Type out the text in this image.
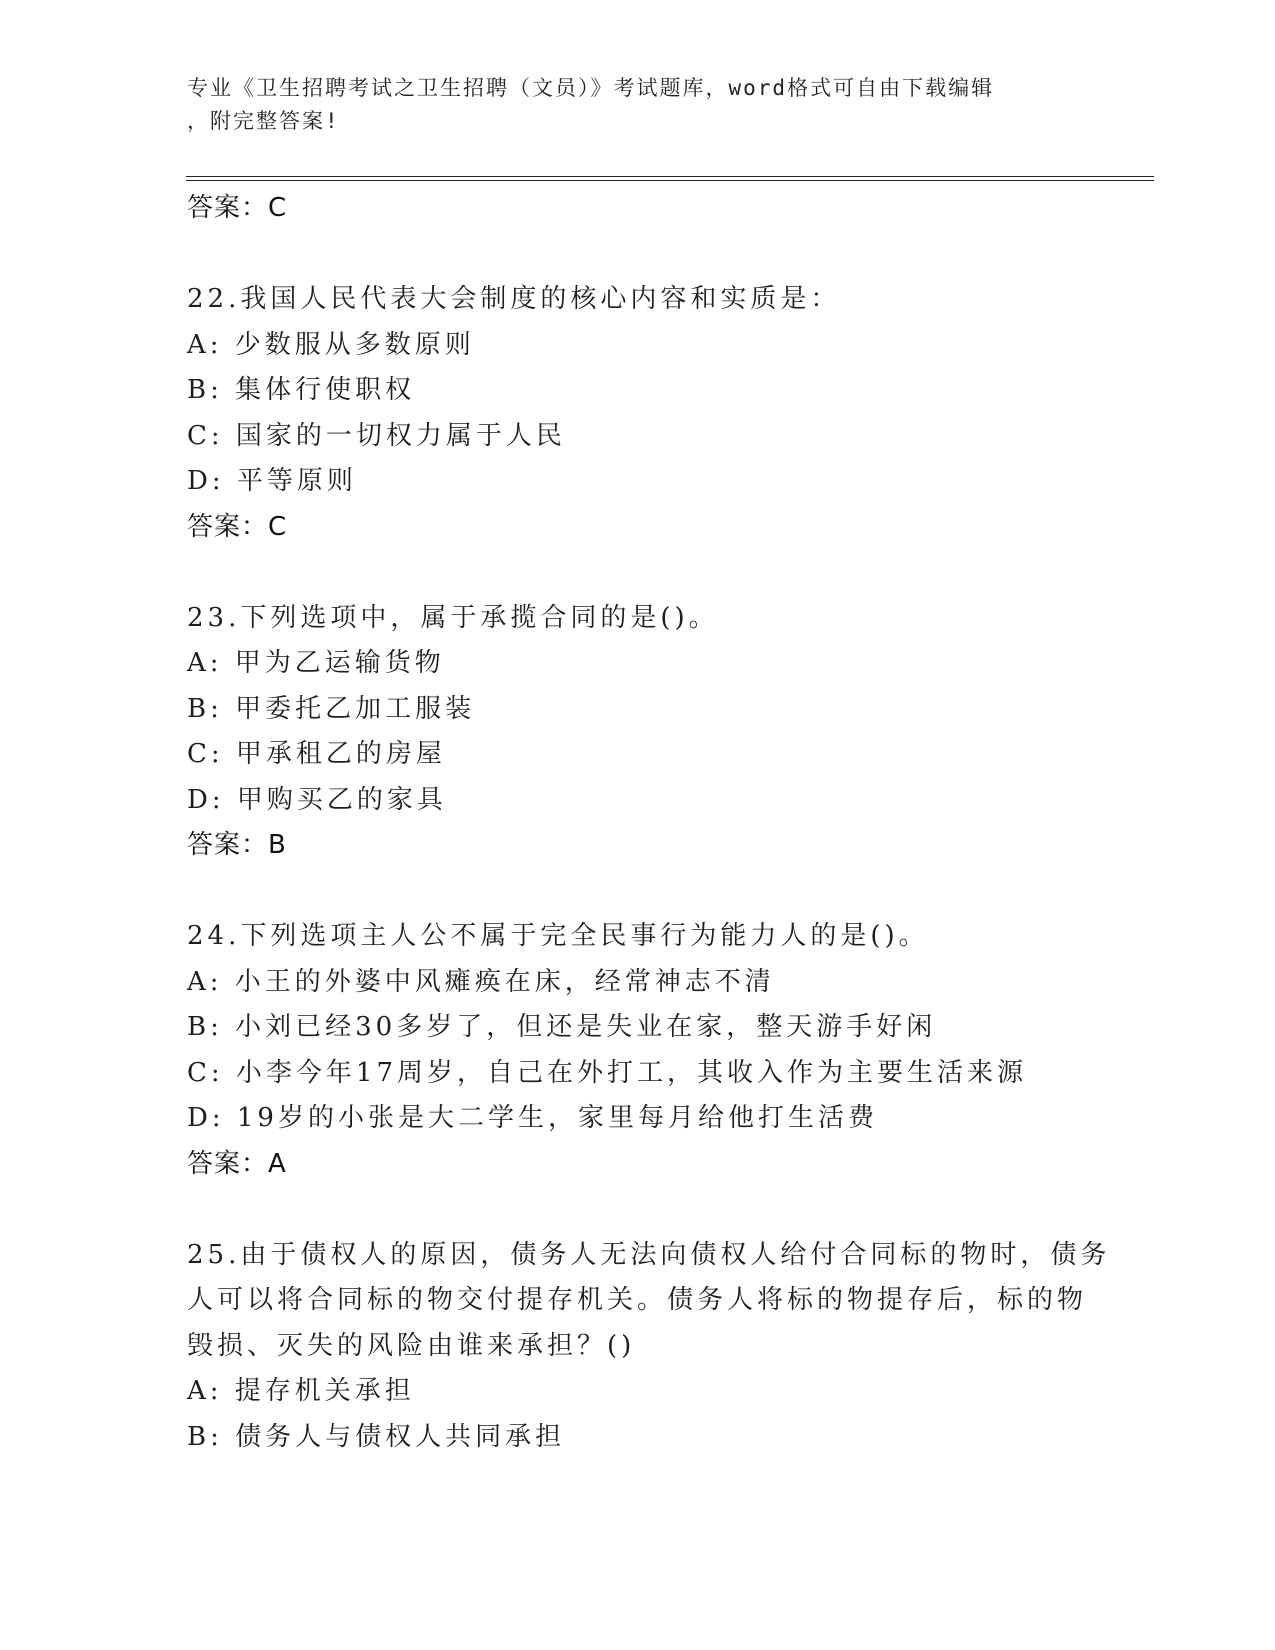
专业《卫生招聘考试之卫生招聘（文员）》考试题库，word格式可自由下载编辑
，附完整答案!
答案：C
22.我国人民代表大会制度的核心内容和实质是：
A: 少数服从多数原则
B: 集体行使职权
C: 国家的一切权力属于人民
D: 平等原则
答案：C
23.下列选项中，属于承揽合同的是()。
A: 甲为乙运输货物
B: 甲委托乙加工服装
C: 甲承租乙的房屋
D: 甲购买乙的家具
答案：B
24.下列选项主人公不属于完全民事行为能力人的是()。
A: 小王的外婆中风瘫痪在床，经常神志不清
B: 小刘已经30多岁了，但还是失业在家，整天游手好闲
C: 小李今年17周岁，自己在外打工，其收入作为主要生活来源
D: 19岁的小张是大二学生，家里每月给他打生活费
答案：A
25.由于债权人的原因，债务人无法向债权人给付合同标的物时，债务
人可以将合同标的物交付提存机关。债务人将标的物提存后，标的物
毁损、灭失的风险由谁来承担？()
A: 提存机关承担
B: 债务人与债权人共同承担
